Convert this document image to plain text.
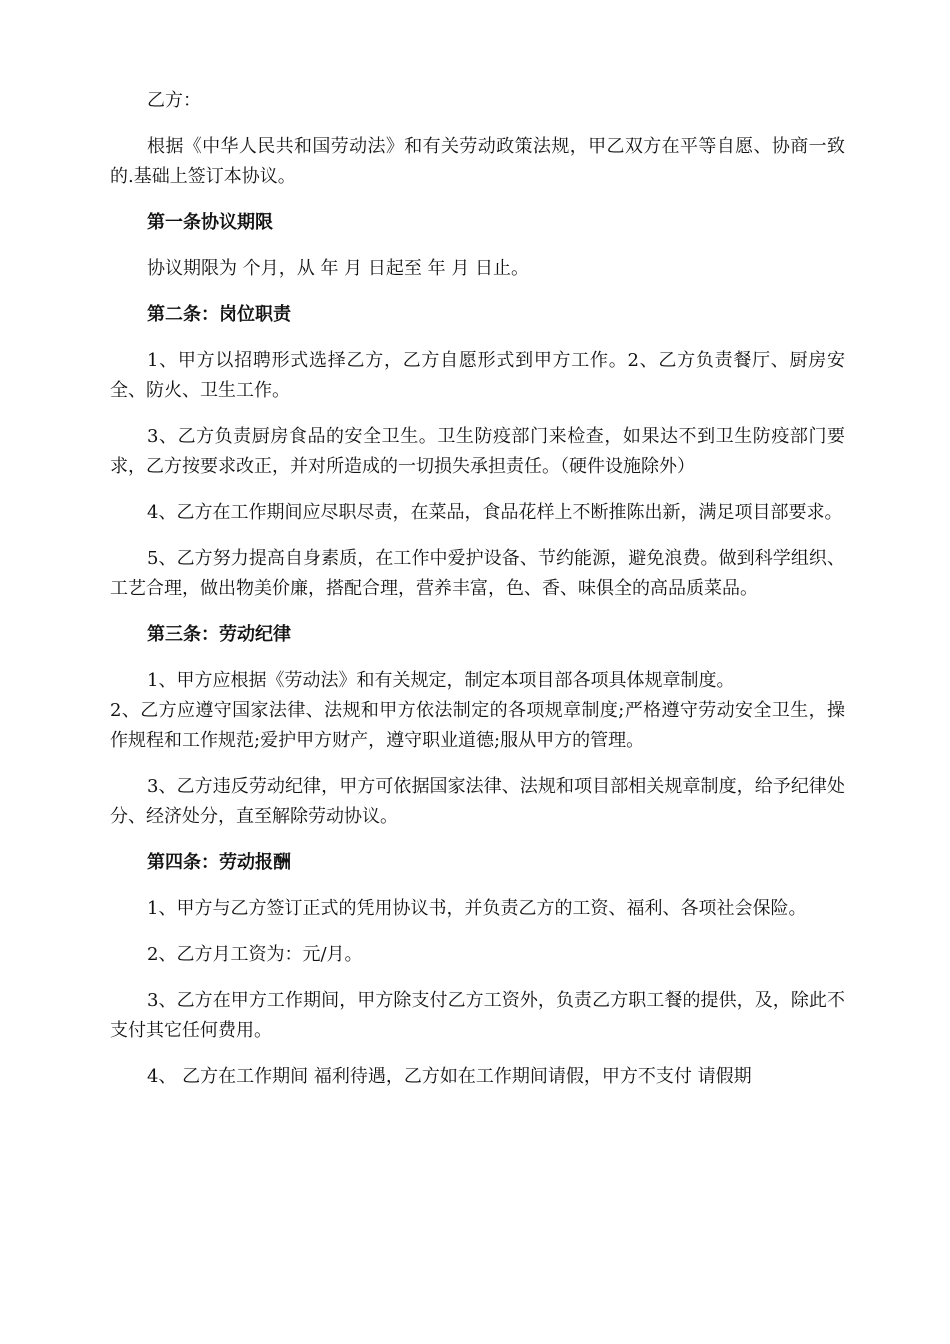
乙方：

根据《中华人民共和国劳动法》和有关劳动政策法规，甲乙双方在平等自愿、协商一致的.基础上签订本协议。

第一条协议期限

协议期限为 个月，从 年 月 日起至 年 月 日止。

第二条：岗位职责

1、甲方以招聘形式选择乙方，乙方自愿形式到甲方工作。2、乙方负责餐厅、厨房安全、防火、卫生工作。

3、乙方负责厨房食品的安全卫生。卫生防疫部门来检查，如果达不到卫生防疫部门要求，乙方按要求改正，并对所造成的一切损失承担责任。（硬件设施除外）

4、乙方在工作期间应尽职尽责，在菜品，食品花样上不断推陈出新，满足项目部要求。

5、乙方努力提高自身素质，在工作中爱护设备、节约能源，避免浪费。做到科学组织、工艺合理，做出物美价廉，搭配合理，营养丰富，色、香、味俱全的高品质菜品。

第三条：劳动纪律

1、甲方应根据《劳动法》和有关规定，制定本项目部各项具体规章制度。

2、乙方应遵守国家法律、法规和甲方依法制定的各项规章制度;严格遵守劳动安全卫生，操作规程和工作规范;爱护甲方财产，遵守职业道德;服从甲方的管理。

3、乙方违反劳动纪律，甲方可依据国家法律、法规和项目部相关规章制度，给予纪律处分、经济处分，直至解除劳动协议。

第四条：劳动报酬

1、甲方与乙方签订正式的凭用协议书，并负责乙方的工资、福利、各项社会保险。

2、乙方月工资为：元/月。

3、乙方在甲方工作期间，甲方除支付乙方工资外，负责乙方职工餐的提供，及，除此不支付其它任何费用。

4、 乙方在工作期间 福利待遇，乙方如在工作期间请假，甲方不支付 请假期
